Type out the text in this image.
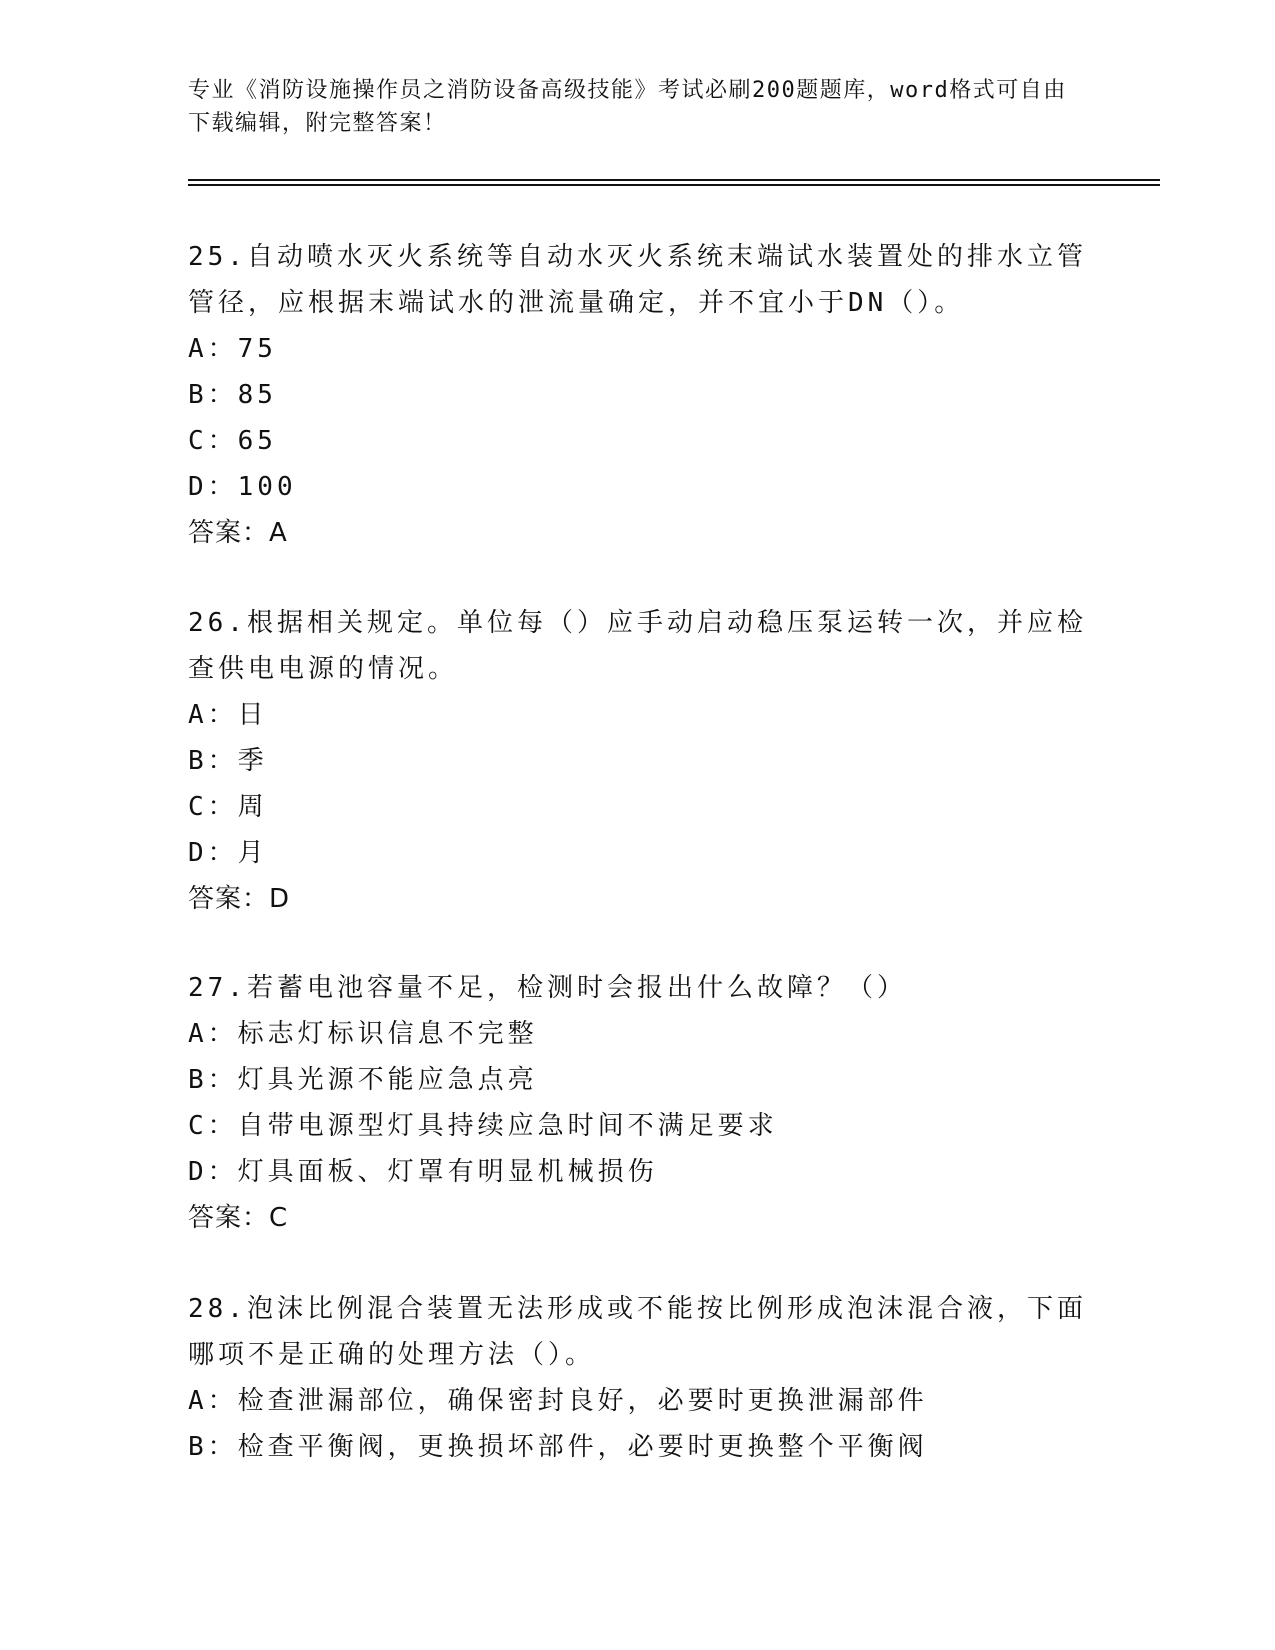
专业《消防设施操作员之消防设备高级技能》考试必刷200题题库，word格式可自由下载编辑，附完整答案！
25.自动喷水灭火系统等自动水灭火系统末端试水装置处的排水立管管径，应根据末端试水的泄流量确定，并不宜小于DN（）。
A：75
B：85
C：65
D：100
答案：A
26.根据相关规定。单位每（）应手动启动稳压泵运转一次，并应检查供电电源的情况。
A：日
B：季
C：周
D：月
答案：D
27.若蓄电池容量不足，检测时会报出什么故障？（）
A：标志灯标识信息不完整
B：灯具光源不能应急点亮
C：自带电源型灯具持续应急时间不满足要求
D：灯具面板、灯罩有明显机械损伤
答案：C
28.泡沫比例混合装置无法形成或不能按比例形成泡沫混合液，下面哪项不是正确的处理方法（）。
A：检查泄漏部位，确保密封良好，必要时更换泄漏部件
B：检查平衡阀，更换损坏部件，必要时更换整个平衡阀
